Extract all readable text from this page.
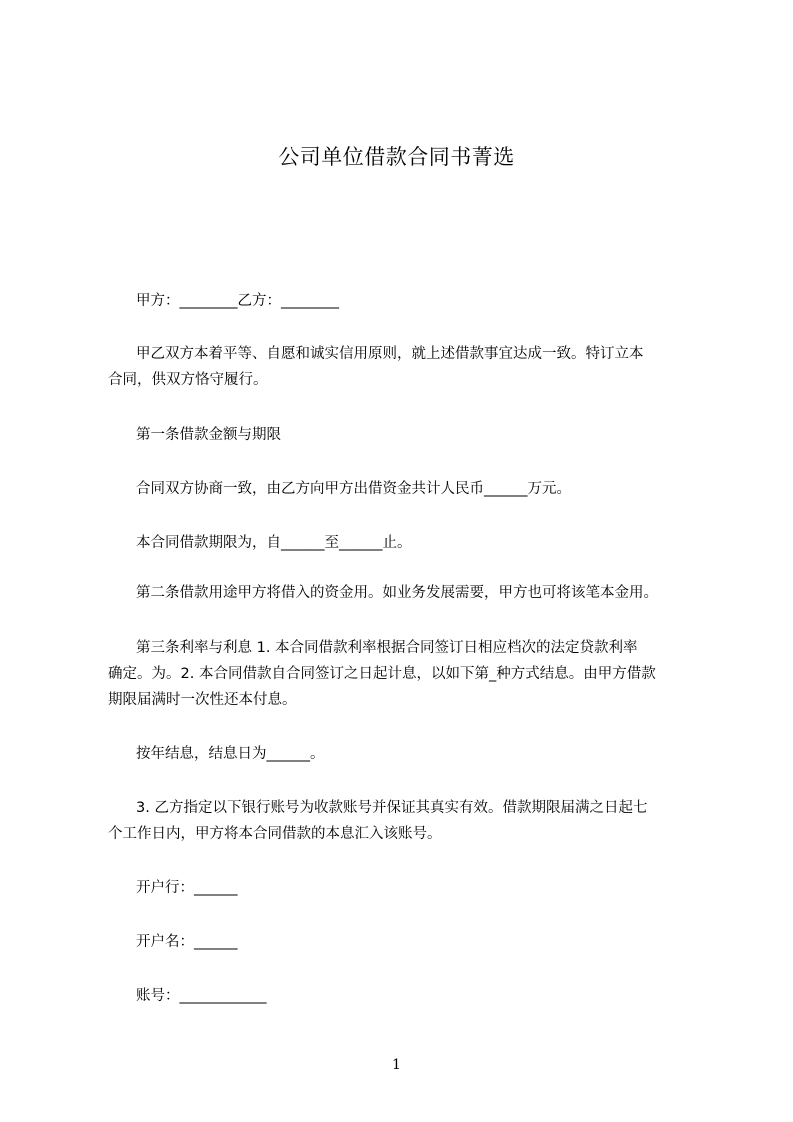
公司单位借款合同书菁选
甲方：________乙方：________
甲乙双方本着平等、自愿和诚实信用原则，就上述借款事宜达成一致。特订立本
合同，供双方恪守履行。
第一条借款金额与期限
合同双方协商一致，由乙方向甲方出借资金共计人民币______万元。
本合同借款期限为，自______至______止。
第二条借款用途甲方将借入的资金用。如业务发展需要，甲方也可将该笔本金用。
第三条利率与利息 1. 本合同借款利率根据合同签订日相应档次的法定贷款利率
确定。为。2. 本合同借款自合同签订之日起计息，以如下第_种方式结息。由甲方借款
期限届满时一次性还本付息。
按年结息，结息日为______。
3. 乙方指定以下银行账号为收款账号并保证其真实有效。借款期限届满之日起七
个工作日内，甲方将本合同借款的本息汇入该账号。
开户行：______
开户名：______
账号：____________
1
